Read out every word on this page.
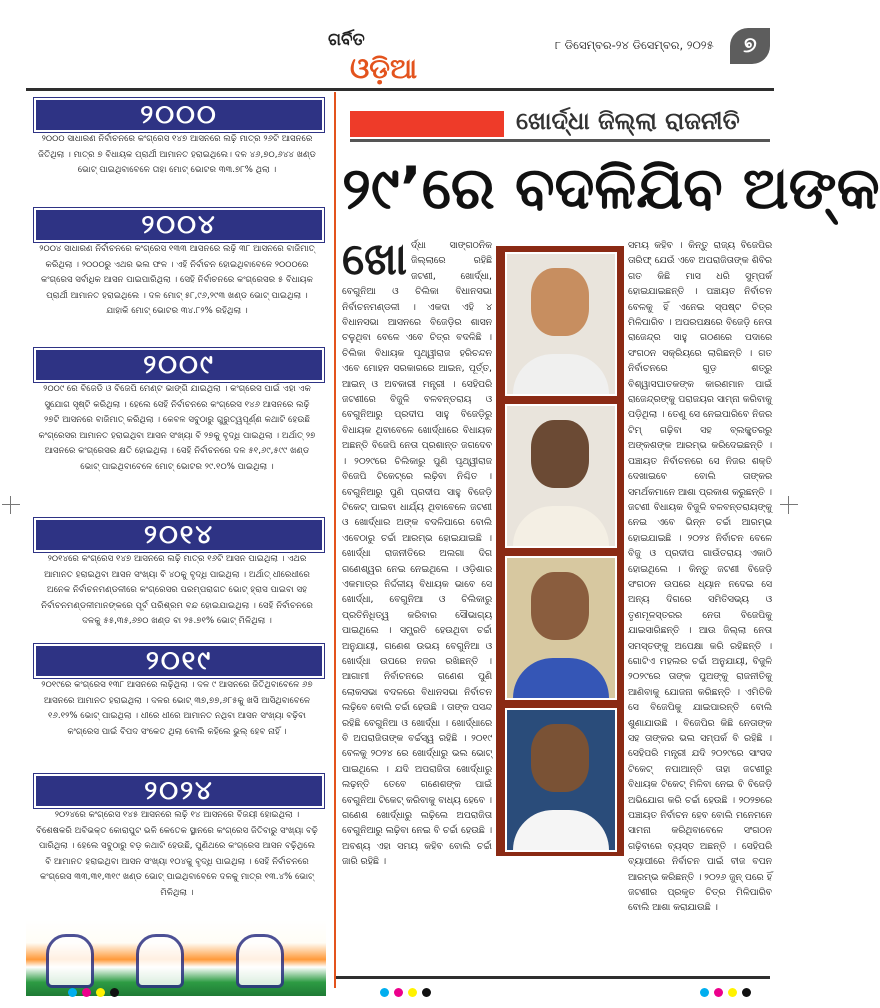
ଗର୍ବିତ
ଓଡ଼ିଆ
୮ ଡିସେମ୍ବର-୨୪ ଡିସେମ୍ବର, ୨୦୨୫	୭
୨୦୦୦
୨୦୦୦ ସାଧାରଣ ନିର୍ବାଚନରେ କଂଗ୍ରେସ ୧୪୭ ଆସନରେ ଲଢ଼ି ମାତ୍ର ୨୬ଟି ଆସନରେ ଜିତିଥିଲା । ମାତ୍ର ୭ ବିଧାୟକ ପ୍ରାର୍ଥୀ ଆମାନତ ହରାଇଥିଲେ। ଦଳ ୪୬,୭୦,୬୪୪ ଖଣ୍ଡ ଭୋଟ୍ ପାଇଥିବାବେଳେ ତାହା ମୋଟ୍ ଭୋଟର ୩୩.୭୮% ଥିଲା ।
୨୦୦୪
୨୦୦୪ ସାଧାରଣ ନିର୍ବାଚନରେ କଂଗ୍ରେସ ୧୩୩ ଆସନରେ ଲଢ଼ି ୩୮ ଆସନରେ ବାଜିମାତ୍ କରିଥିଲା । ୨୦୦୦ରୁ ଏଥର ଭଲ ଫଳ । ଏହି ନିର୍ବାଚନ ହୋଇଥିବାବେଳେ ୨୦୦୦ରେ କଂଗ୍ରେସ ସର୍ବାଧିକ ଆସନ ପାଇପାରିଥିଲା । ସେହି ନିର୍ବାଚନରେ କଂଗ୍ରେସର ୫ ବିଧାୟକ ପ୍ରାର୍ଥୀ ଆମାନତ ହରାଇଥିଲେ । ଦଳ ମୋଟ୍ ୫୮,୯୬,୨୯୩ ଖଣ୍ଡ ଭୋଟ୍ ପାଇଥିଲା । ଯାହାକି ମୋଟ୍ ଭୋଟର ୩୪.୮୨% ରହିଥିଲା ।
୨୦୦୯
୨୦୦୯ ରେ ବିଜେଡି ଓ ବିଜେପି ମେଣ୍ଟ ଭାଙ୍ଗି ଯାଇଥିଲା । କଂଗ୍ରେସ ପାଇଁ ଏହା ଏକ ସୁଯୋଗ ସୃଷ୍ଟି କରିଥିଲା । ହେଲେ ସେହି ନିର୍ବାଚନରେ କଂଗ୍ରେସ ୧୪୬ ଆସନରେ ଲଢ଼ି ୨୭ଟି ଆସନରେ ବାଜିମାତ୍ କରିଥିଲା । କେବଳ ସବୁଠାରୁ ଗୁରୁତ୍ୱପୂର୍ଣ୍ଣ କଥାଟି ହେଉଛି କଂଗ୍ରେସର ଆମାନତ ହରାଇଥିବା ଆସନ ସଂଖ୍ୟା ବି ୨୭କୁ ବୃଦ୍ଧି ପାଇଥିଲା । ଅର୍ଥାତ୍ ୨୭ ଆସନରେ କଂଗ୍ରେସର କ୍ଷତି ହୋଇଥିଲା । ସେହି ନିର୍ବାଚନରେ ଦଳ ୫୧,୬୯,୫୯୯ ଖଣ୍ଡ ଭୋଟ୍ ପାଇଥିବାବେଳେ ମୋଟ୍ ଭୋଟର ୨୯.୧୦% ପାଇଥିଲା ।
୨୦୧୪
୨୦୧୪ରେ କଂଗ୍ରେସ ୧୪୭ ଆସନରେ ଲଢ଼ି ମାତ୍ର ୧୬ଟି ଆସନ ପାଇଥିଲା । ଏଥର ଆମାନତ ହରାଇଥିବା ଆସନ ସଂଖ୍ୟା ବି ୪୦କୁ ବୃଦ୍ଧି ପାଇଥିଲା । ଅର୍ଥାତ୍ ଧୀରେଧୀରେ ଅନେକ ନିର୍ବାଚନମଣ୍ଡଳୀରେ କଂଗ୍ରେସର ପରମ୍ପରାଗତ ଭୋଟ୍ ହ୍ରାସ ପାଇବା ସହ ନିର୍ବାଚନମଣ୍ଡଳୀମାନଙ୍କରେ ପୂର୍ବ ପରିଶ୍ରମ ବନ୍ଦ ହୋଇଯାଇଥିଲା । ସେହି ନିର୍ବାଚନରେ ଦଳକୁ ୫୫,୩୫,୬୭୦ ଖଣ୍ଡ ବା ୨୫.୭୧% ଭୋଟ୍ ମିଳିଥିଲା ।
୨୦୧୯
୨୦୧୯ରେ କଂଗ୍ରେସ ୧୩୮ ଆସନରେ ଲଢ଼ିଥିଲା । ଦଳ ୯ ଆସନରେ ଜିତିଥିବାବେଳେ ୬୭ ଆସନରେ ଆମାନତ ହରାଇଥିଲା । ଦଳର ଭୋଟ୍ ୩୭,୭୭,୬୮୫କୁ ଖସି ଆସିଥିବାବେଳେ ୧୬.୧୨% ଭୋଟ୍ ପାଇଥିଲା । ଧୀରେ ଧୀରେ ଆମାନତ ନଥିବା ଆସନ ସଂଖ୍ୟା ବଢ଼ିବା କଂଗ୍ରେସ ପାଇଁ ବିପଦ ସଂକେତ ଥିଲା ବୋଲି କହିଲେ ଭୁଲ୍ ହେବ ନାହିଁ ।
୨୦୨୪
୨୦୨୪ରେ କଂଗ୍ରେସ ୧୪୫ ଆସନରେ ଲଢ଼ି ୧୪ ଆସନରେ ବିଜୟୀ ହୋଇଥିଲା । ବିଶେଷକରି ଅବିଭକ୍ତ କୋରାପୁଟ ଭଳି କେତେକ ସ୍ଥାନରେ କଂଗ୍ରେସ ଜିତିବାରୁ ସଂଖ୍ୟା ବଢ଼ି ପାରିଥିଲା । ହେଲେ ସବୁଠାରୁ ବଡ଼ କଥାଟି ହେଉଛି, ପୁଣିଥରେ କଂଗ୍ରେସ ଆସନ ବଢ଼ିଥିଲେ ବି ଆମାନତ ହରାଇଥିବା ଆସନ ସଂଖ୍ୟା ୧୦୪କୁ ବୃଦ୍ଧି ପାଇଥିଲା । ସେହି ନିର୍ବାଚନରେ କଂଗ୍ରେସ ୩୩,୩୧,୩୧୯ ଖଣ୍ଡ ଭୋଟ୍ ପାଇଥିବାବେଳେ ଦଳକୁ ମାତ୍ର ୧୩.୪% ଭୋଟ୍ ମିଳିଥିଲା ।
ଖୋର୍ଦ୍ଧା ଜିଲ୍ଲା ରାଜନୀତି
୨୯’ରେ ବଦଳିଯିବ ଅଙ୍କ
ଖୋ ର୍ଦ୍ଧା ସାଙ୍ଗଠନିକ ଜିଲ୍ଲାରେ ରହିଛି ଜଟଣୀ, ଖୋର୍ଦ୍ଧା, ବେଗୁନିଆ ଓ ଚିଲିକା ବିଧାନସଭା ନିର୍ବାଚନମଣ୍ଡଳୀ । ଏକଦା ଏହି ୪ ବିଧାନସଭା ଆସନରେ ବିଜେଡ଼ିର ଶାସନ ଚଳୁଥିବା ବେଳେ ଏବେ ଚିତ୍ର ବଦଳିଛି । ଚିଲିକା ବିଧାୟକ ପୃଥ୍ୱୀରାଜ ହରିଚନ୍ଦନ ଏବେ ମୋହନ ସରକାରରେ ଆଇନ, ପୂର୍ତ୍ତ, ଆଇନ୍ ଓ ଅବକାରୀ ମନ୍ତ୍ରୀ । ସେହିପରି ଜଟଣୀରେ ବିଜୁଳି ବଳବନ୍ତରାୟ ଓ ବେଗୁନିଆରୁ ପ୍ରଦୀପ ସାହୁ ବିଜେଡ଼ିରୁ ବିଧାୟକ ଥିବାବେଳେ ଖୋର୍ଦ୍ଧାରେ ବିଧାୟକ ଅଛନ୍ତି ବିଜେପି ନେତା ପ୍ରଶାନ୍ତ ଜଗଦେବ । ୨୦୨୯ରେ ଚିଲିକାରୁ ପୁଣି ପୃଥ୍ୱୀରାଜ ବିଜେପି ଟିକେଟ୍ରେ ଲଢ଼ିବା ନିଶ୍ଚିତ । ବେଗୁନିଆରୁ ପୁଣି ପ୍ରଦୀପ ସାହୁ ବିଜେଡ଼ି ଟିକେଟ୍ ପାଇବା ଧାର୍ଯ୍ୟ ଥିବାବେଳେ ଜଟଣୀ ଓ ଖୋର୍ଦ୍ଧାର ଅଙ୍କ ବଦଳିପାରେ ବୋଲି ଏବେଠାରୁ ଚର୍ଚ୍ଚା ଆରମ୍ଭ ହୋଇଯାଇଛି । ଖୋର୍ଦ୍ଧା ରାଜନୀତିରେ ଅଲଗା ଦିଗ ଗଣେଶ୍ୱର ନେଇ ନେଇଥିଲେ । ଓଡ଼ିଶାର ଏକମାତ୍ର ନିର୍ଦ୍ଦଳୀୟ ବିଧାୟକ ଭାବେ ସେ ଖୋର୍ଦ୍ଧା, ବେଗୁନିଆ ଓ ଚିଲିକାରୁ ପ୍ରତିନିଧିତ୍ୱ କରିବାର ସୌଭାଗ୍ୟ ପାଇଥିଲେ । ସମ୍ପ୍ରତି ହେଉଥିବା ଚର୍ଚ୍ଚା ଅନୁଯାୟୀ, ଗଣେଶ ଉଭୟ ବେଗୁନିଆ ଓ ଖୋର୍ଦ୍ଧା ଉପରେ ନଜର ରଖିଛନ୍ତି । ଆଗାମୀ ନିର୍ବାଚନରେ ଗଣେଶ ପୁଣି ଲୋକସଭା ବଦଳରେ ବିଧାନସଭା ନିର୍ବାଚନ ଲଢ଼ିବେ ବୋଲି ଚର୍ଚ୍ଚା ହେଉଛି । ତାଙ୍କ ପସନ୍ଦ ରହିଛି ବେଗୁନିଆ ଓ ଖୋର୍ଦ୍ଧା । ଖୋର୍ଦ୍ଧାରେ ବି ଅପରାଜିତାଙ୍କ ବର୍ଚ୍ଚସ୍ୱ ରହିଛି । ୨୦୧୯ ବେଳକୁ ୨୦୨୪ ରେ ଖୋର୍ଦ୍ଧାରୁ ଭଲ ଭୋଟ୍ ପାଇଥିଲେ । ଯଦି ଅପରାଜିତା ଖୋର୍ଦ୍ଧାରୁ ଲଢ଼ନ୍ତି ତେବେ ଗଣେଶଙ୍କ ପାଇଁ ବେଗୁନିଆ ଟିକେଟ୍ କରିବାକୁ ବାଧ୍ୟ ହେବେ । ଗଣେଶ ଖୋର୍ଦ୍ଧାରୁ ଲଢ଼ିଲେ ଅପରାଜିତା ବେଗୁନିଆରୁ ଲଢ଼ିବା ନେଇ ବି ଚର୍ଚ୍ଚା ହେଉଛି । ଅବଶ୍ୟ ଏହା ସମୟ କହିବ ବୋଲି ଚର୍ଚ୍ଚା ଜାରି ରହିଛି ।
ସମୟ କହିବ । କିନ୍ତୁ ରାଜ୍ୟ ବିଜେପିର ତାରିଫ୍ ଯେଉଁ ଏବେ ଅପରାଜିତାଙ୍କ ଶିବିର ଗତ କିଛି ମାସ ଧରି ସୁମ୍ପର୍କ ହୋଇଯାଇଛନ୍ତି । ପଞ୍ଚାୟତ ନିର୍ବାଚନ ବେଳକୁ ହିଁ ଏନେଇ ସ୍ପଷ୍ଟ ଚିତ୍ର ମିଳିପାରିବ । ଅପରପକ୍ଷରେ ବିଜେଡ଼ି ନେତା ରାଜେନ୍ଦ୍ର ସାହୁ ଗଠଣରେ ପଦାରେ ସଂଗଠନ ସକ୍ରିୟରେ ଲାଗିଛନ୍ତି । ଗତ ନିର୍ବାଚନରେ ଗୁଡ଼ ଶତ୍ରୁ ବିଶ୍ୱାସଘାତକଙ୍କ କାରଣମାନ ପାଇଁ ରାଜେନ୍ଦ୍ରଙ୍କୁ ପରାଜୟର ସାମ୍ନା କରିବାକୁ ପଡ଼ିଥିଲା । ତେଣୁ ସେ ନେଇପାରିବେ ନିଜର ଟିମ୍ ଗଢ଼ିବା ସହ ବ୍ଲକ୍ସ୍ତରରୁ ଅଙ୍କଶଙ୍କ ଆରମ୍ଭ କରିଦେଇଛନ୍ତି । ପଞ୍ଚାୟତ ନିର୍ବାଚନରେ ସେ ନିଜର ଶକ୍ତି ଦେଖାଇବେ ବୋଲି ତାଙ୍କର ସମର୍ଥକମାନେ ଆଶା ପ୍ରକାଶ କରୁଛନ୍ତି । ଜଟଣୀ ବିଧାୟକ ବିଜୁଳି ବଳବନ୍ତରାୟଙ୍କୁ ନେଇ ଏବେ ଭିନ୍ନ ଚର୍ଚ୍ଚା ଆରମ୍ଭ ହୋଇଯାଇଛି । ୨୦୨୪ ନିର୍ବାଚନ ବେଳେ ବିଜୁ ଓ ପ୍ରଦୀପ ଗାଉଁତରାୟ ଏକାଠି ହୋଇଥିଲେ । କିନ୍ତୁ ଜଟଣୀ ବିଜେଡ଼ି ସଂଗଠନ ଉପରେ ଧ୍ୟାନ ନଦେଇ ସେ ଅନ୍ୟ ଦିଗରେ ସମିତିସଭ୍ୟ ଓ ତୃଣମୂଳସ୍ତରର ନେତା ବିଜେପିକୁ ଯାଇସାରିଛନ୍ତି । ଆଉ ଜିଲ୍ଲା ନେତା ସମସ୍ତଙ୍କୁ ଅପେକ୍ଷା କରି ରହିଛନ୍ତି । ଗୋଟିଏ ମହଲର ଚର୍ଚ୍ଚା ଅନୁଯାୟୀ, ବିଜୁଳି ୨୦୨୯ରେ ତାଙ୍କ ପୁଅଙ୍କୁ ରାଜନୀତିକୁ ଆଣିବାକୁ ଯୋଜନା କରିଛନ୍ତି । ଏମିତିକି ସେ ବିଜେପିକୁ ଯାଇପାରନ୍ତି ବୋଲି ଶୁଣାଯାଉଛି । ବିଜେପିର କିଛି ନେତାଙ୍କ ସହ ତାଙ୍କର ଭଲ ସମ୍ପର୍କ ବି ରହିଛି । ସେହିପରି ମନ୍ତ୍ରୀ ଯଦି ୨୦୨୯ରେ ସାଂସଦ ଟିକେଟ୍ ନପାଆନ୍ତି ତାହା ଜଟଣୀରୁ ବିଧାୟକ ଟିକେଟ୍ ମିଳିବା ନେଇ ବି ବିଜେଡ଼ି ଅଭିଯୋଗ କରି ଚର୍ଚ୍ଚା ହେଉଛି । ୨୦୨୭ରେ ପଞ୍ଚାୟତ ନିର୍ବାଚନ ହେବ ବୋଲି ମନେମନେ ସାମନା କରିଥିବାବେଳେ ସଂଗଠନ ଗଢ଼ିବାରେ ବ୍ୟସ୍ତ ଅଛନ୍ତି । ସେହିପରି ବ୍ୟାପୀରେ ନିର୍ବାଚନ ପାଇଁ ବୀଜ ବପନ ଆରମ୍ଭ କରିଛନ୍ତି । ୨୦୨୬ ଜୁନ୍ ପରେ ହିଁ ଜଟଣୀର ପ୍ରକୃତ ଚିତ୍ର ମିଳିପାରିବ ବୋଲି ଆଶା କରାଯାଉଛି ।
